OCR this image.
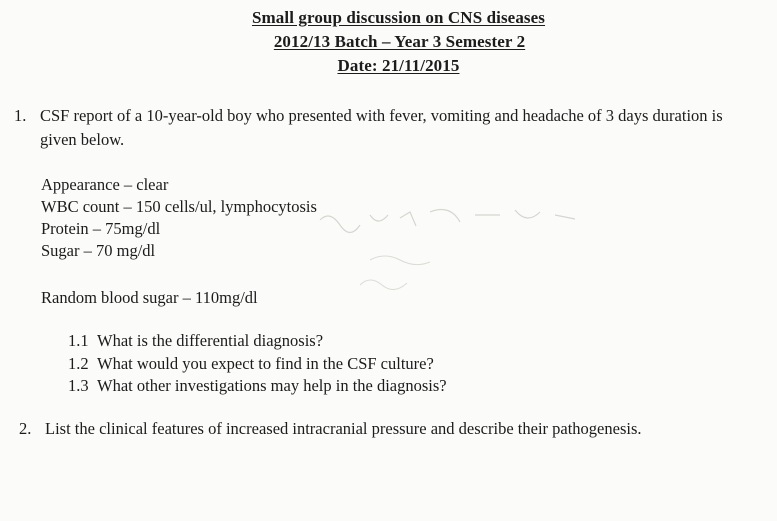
Small group discussion on CNS diseases
2012/13 Batch – Year 3 Semester 2
Date: 21/11/2015
1. CSF report of a 10-year-old boy who presented with fever, vomiting and headache of 3 days duration is given below.
Appearance – clear
WBC count – 150 cells/ul, lymphocytosis
Protein – 75mg/dl
Sugar – 70 mg/dl
Random blood sugar – 110mg/dl
1.1 What is the differential diagnosis?
1.2 What would you expect to find in the CSF culture?
1.3 What other investigations may help in the diagnosis?
2. List the clinical features of increased intracranial pressure and describe their pathogenesis.
